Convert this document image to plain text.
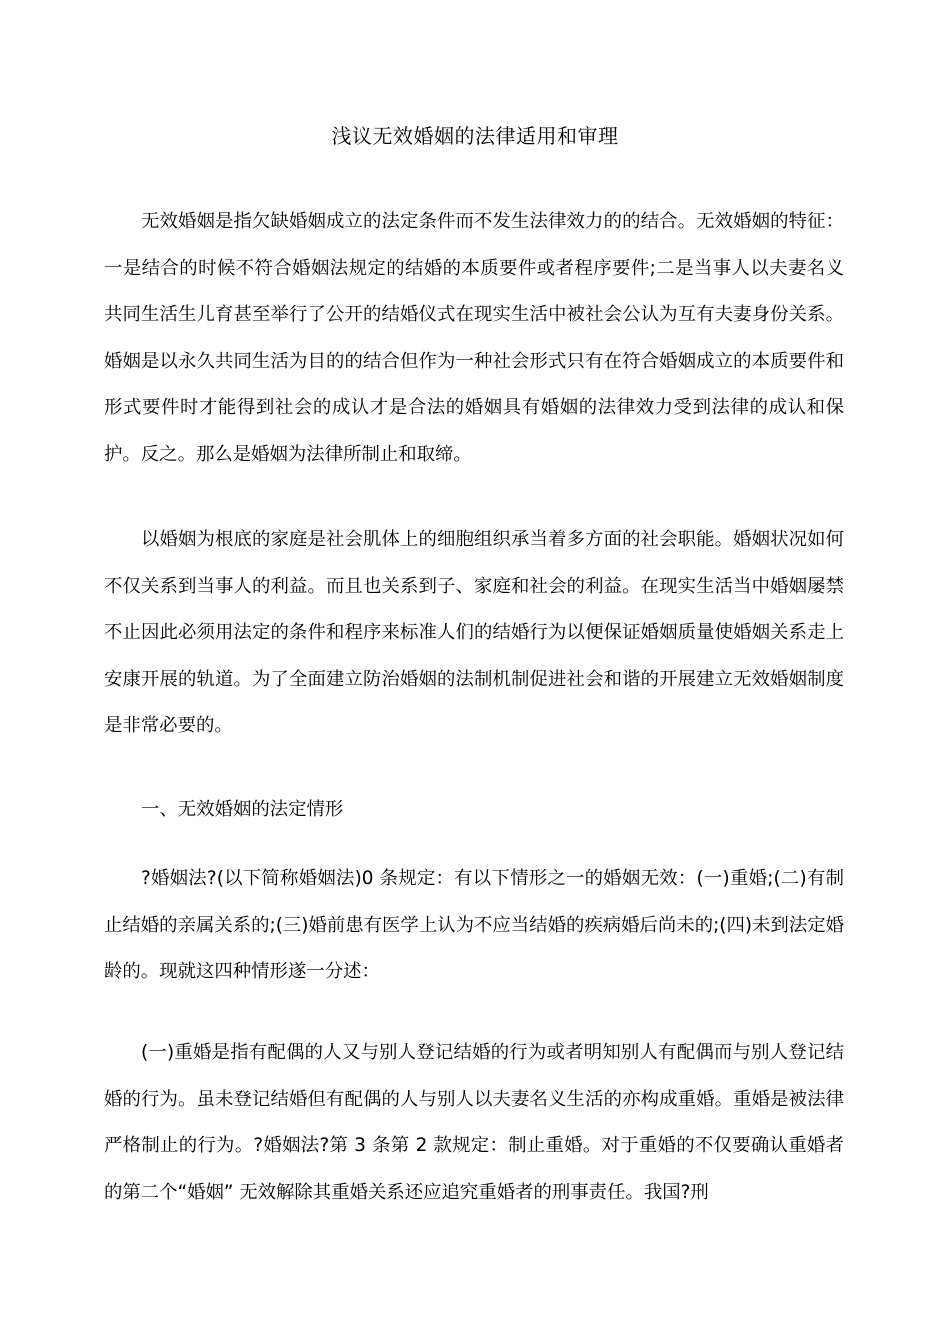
浅议无效婚姻的法律适用和审理

无效婚姻是指欠缺婚姻成立的法定条件而不发生法律效力的的结合。无效婚姻的特征：一是结合的时候不符合婚姻法规定的结婚的本质要件或者程序要件;二是当事人以夫妻名义共同生活生儿育甚至举行了公开的结婚仪式在现实生活中被社会公认为互有夫妻身份关系。婚姻是以永久共同生活为目的的结合但作为一种社会形式只有在符合婚姻成立的本质要件和形式要件时才能得到社会的成认才是合法的婚姻具有婚姻的法律效力受到法律的成认和保护。反之。那么是婚姻为法律所制止和取缔。

以婚姻为根底的家庭是社会肌体上的细胞组织承当着多方面的社会职能。婚姻状况如何不仅关系到当事人的利益。而且也关系到子、家庭和社会的利益。在现实生活当中婚姻屡禁不止因此必须用法定的条件和程序来标准人们的结婚行为以便保证婚姻质量使婚姻关系走上安康开展的轨道。为了全面建立防治婚姻的法制机制促进社会和谐的开展建立无效婚姻制度是非常必要的。

一、无效婚姻的法定情形

?婚姻法?(以下简称婚姻法)0 条规定：有以下情形之一的婚姻无效：(一)重婚;(二)有制止结婚的亲属关系的;(三)婚前患有医学上认为不应当结婚的疾病婚后尚未的;(四)未到法定婚龄的。现就这四种情形遂一分述：

(一)重婚是指有配偶的人又与别人登记结婚的行为或者明知别人有配偶而与别人登记结婚的行为。虽未登记结婚但有配偶的人与别人以夫妻名义生活的亦构成重婚。重婚是被法律严格制止的行为。?婚姻法?第 3 条第 2 款规定：制止重婚。对于重婚的不仅要确认重婚者的第二个“婚姻” 无效解除其重婚关系还应追究重婚者的刑事责任。我国?刑
